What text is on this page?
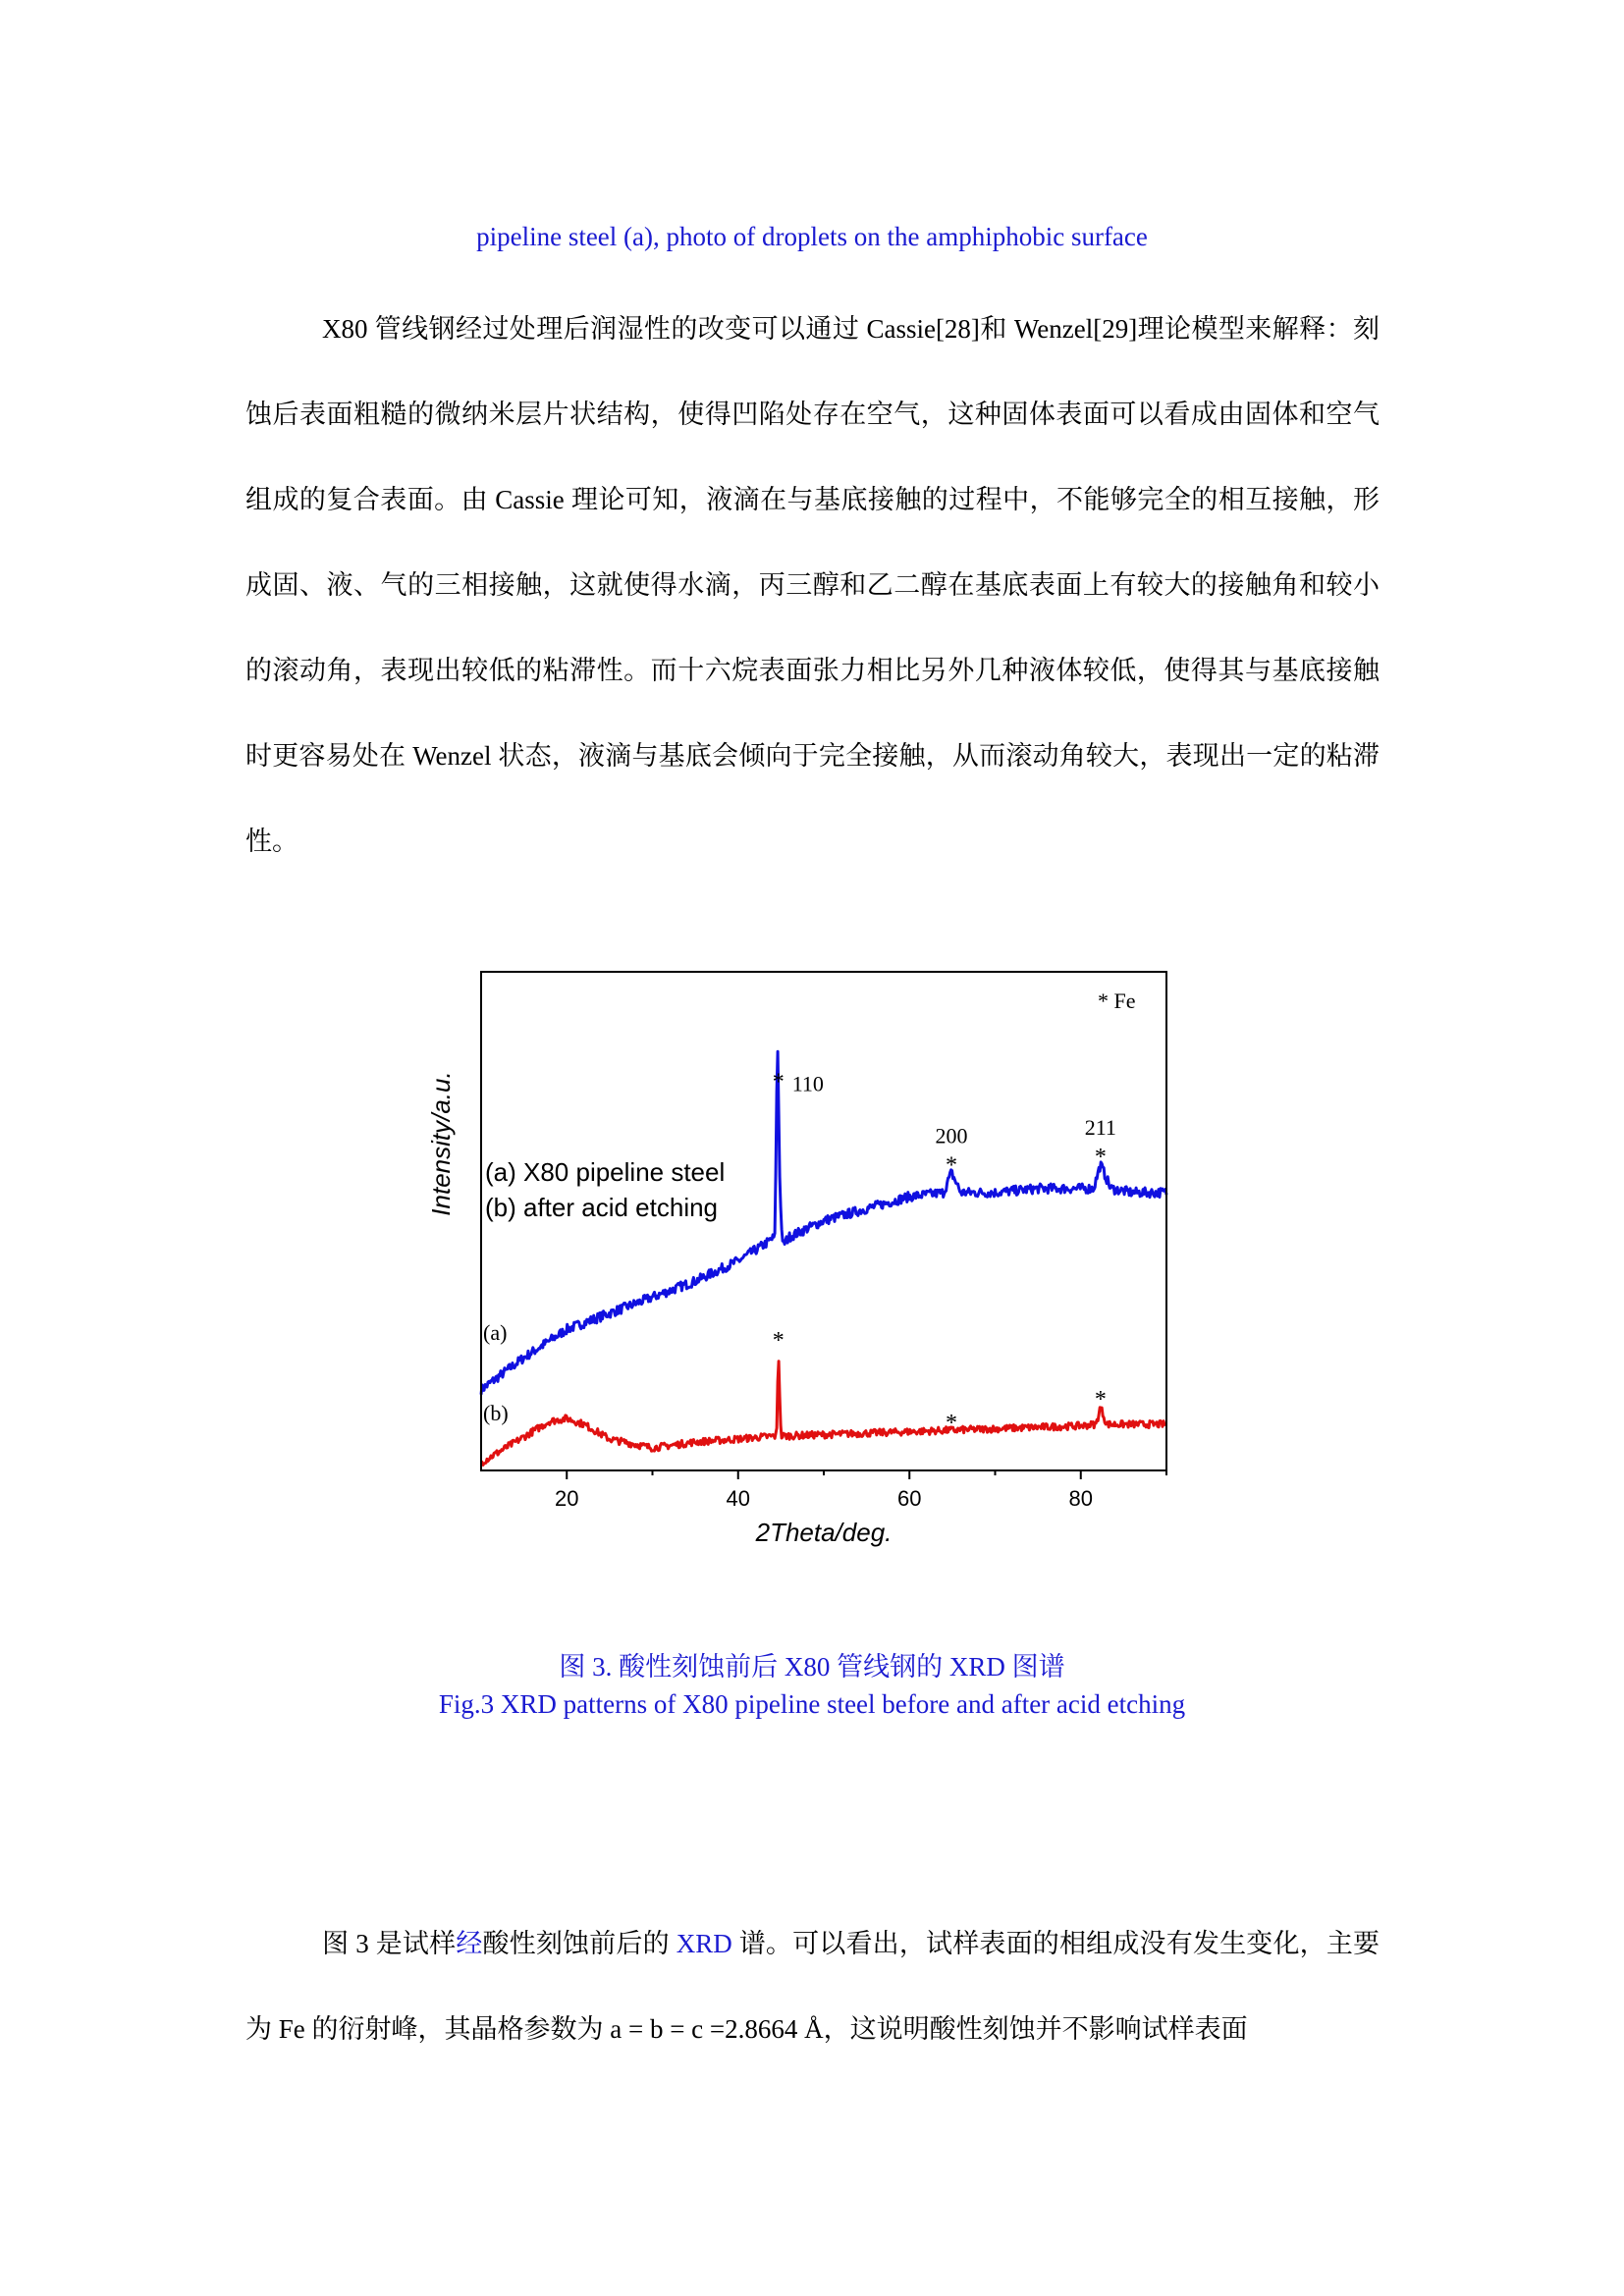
pipeline steel (a), photo of droplets on the amphiphobic surface

X80 管线钢经过处理后润湿性的改变可以通过 Cassie[28]和 Wenzel[29]理论模型来解释：刻蚀后表面粗糙的微纳米层片状结构，使得凹陷处存在空气，这种固体表面可以看成由固体和空气组成的复合表面。由 Cassie 理论可知，液滴在与基底接触的过程中，不能够完全的相互接触，形成固、液、气的三相接触，这就使得水滴，丙三醇和乙二醇在基底表面上有较大的接触角和较小的滚动角，表现出较低的粘滞性。而十六烷表面张力相比另外几种液体较低，使得其与基底接触时更容易处在 Wenzel 状态，液滴与基底会倾向于完全接触，从而滚动角较大，表现出一定的粘滞性。

20	40	60	80
2Theta/deg.
Intensity/a.u. (a) X80 pipeline steel
(b) after acid etching
* Fe
(a)
(b)
*
*	*
*
*
*
110
200	211
图 3. 酸性刻蚀前后 X80 管线钢的 XRD 图谱
Fig.3 XRD patterns of X80 pipeline steel before and after acid etching

图 3 是试样经酸性刻蚀前后的 XRD 谱。可以看出，试样表面的相组成没有发生变化，主要为 Fe 的衍射峰，其晶格参数为 a = b = c =2.8664 Å，这说明酸性刻蚀并不影响试样表面
